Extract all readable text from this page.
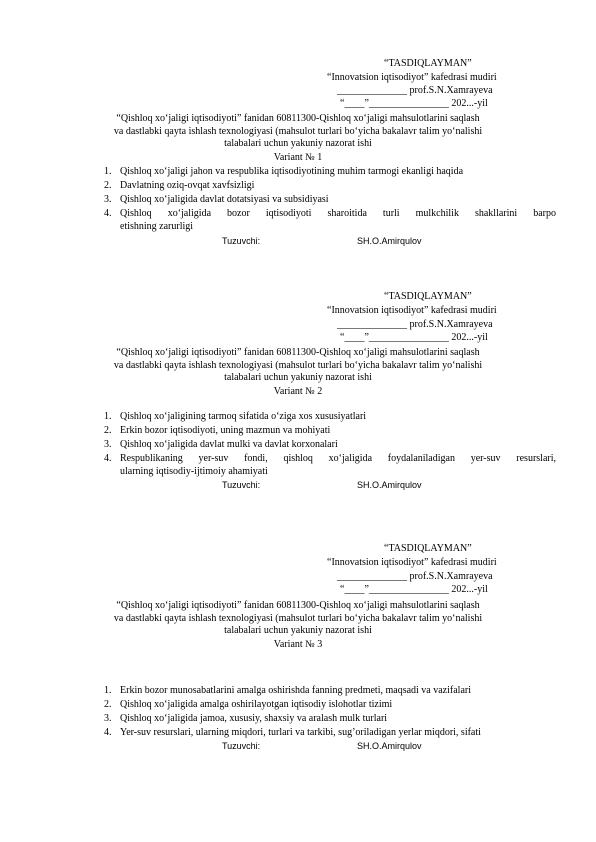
“TASDIQLAYMAN”
“Innovatsion iqtisodiyot” kafedrasi mudiri
______________ prof.S.N.Xamrayeva
“____”________________ 202...-yil
“Qishloq xo‘jaligi iqtisodiyoti” fanidan 60811300-Qishloq xo‘jaligi mahsulotlarini saqlash
va dastlabki qayta ishlash texnologiyasi (mahsulot turlari bo‘yicha bakalavr talim yo‘nalishi
talabalari uchun yakuniy nazorat ishi
Variant № 1
1. Qishloq xo‘jaligi jahon va respublika iqtisodiyotining muhim tarmogi ekanligi haqida
2. Davlatning oziq-ovqat xavfsizligi
3. Qishloq xo‘jaligida davlat dotatsiyasi va subsidiyasi
4. Qishloq xo‘jaligida bozor iqtisodiyoti sharoitida turli mulkchilik shakllarini barpo
etishning zarurligi
Tuzuvchi:	SH.O.Amirqulov
“TASDIQLAYMAN”
“Innovatsion iqtisodiyot” kafedrasi mudiri
______________ prof.S.N.Xamrayeva
“____”________________ 202...-yil
“Qishloq xo‘jaligi iqtisodiyoti” fanidan 60811300-Qishloq xo‘jaligi mahsulotlarini saqlash
va dastlabki qayta ishlash texnologiyasi (mahsulot turlari bo‘yicha bakalavr talim yo‘nalishi
talabalari uchun yakuniy nazorat ishi
Variant № 2
1. Qishloq xo‘jaligining tarmoq sifatida o‘ziga xos xususiyatlari
2. Erkin bozor iqtisodiyoti, uning mazmun va mohiyati
3. Qishloq xo‘jaligida davlat mulki va davlat korxonalari
4. Respublikaning yer-suv fondi, qishloq xo‘jaligida foydalaniladigan yer-suv resurslari,
ularning iqtisodiy-ijtimoiy ahamiyati
Tuzuvchi:	SH.O.Amirqulov
“TASDIQLAYMAN”
“Innovatsion iqtisodiyot” kafedrasi mudiri
______________ prof.S.N.Xamrayeva
“____”________________ 202...-yil
“Qishloq xo‘jaligi iqtisodiyoti” fanidan 60811300-Qishloq xo‘jaligi mahsulotlarini saqlash
va dastlabki qayta ishlash texnologiyasi (mahsulot turlari bo‘yicha bakalavr talim yo‘nalishi
talabalari uchun yakuniy nazorat ishi
Variant № 3
1. Erkin bozor munosabatlarini amalga oshirishda fanning predmeti, maqsadi va vazifalari
2. Qishloq xo‘jaligida amalga oshirilayotgan iqtisodiy islohotlar tizimi
3. Qishloq xo‘jaligida jamoa, xususiy, shaxsiy va aralash mulk turlari
4. Yer-suv resurslari, ularning miqdori, turlari va tarkibi, sug’oriladigan yerlar miqdori, sifati
Tuzuvchi:	SH.O.Amirqulov
